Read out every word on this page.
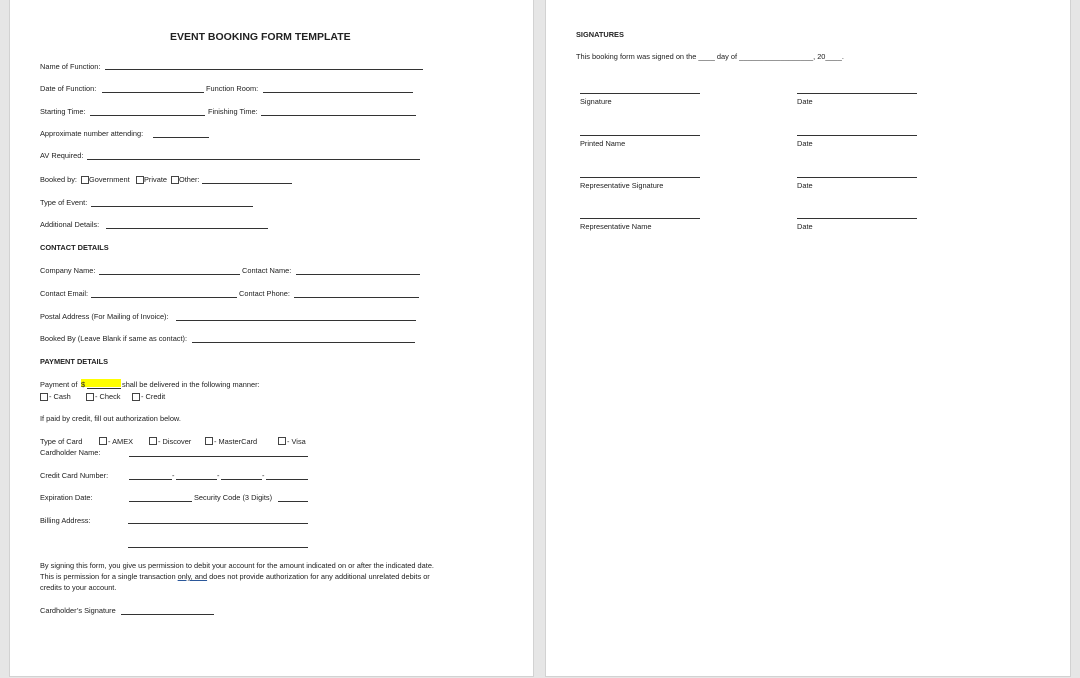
EVENT BOOKING FORM TEMPLATE
Name of Function:
Date of Function:	Function Room:
Starting Time:	Finishing Time:
Approximate number attending:
AV Required:
Booked by: Government Private Other:
Type of Event:
Additional Details:
CONTACT DETAILS
Company Name:	Contact Name:
Contact Email:	Contact Phone:
Postal Address (For Mailing of Invoice):
Booked By (Leave Blank if same as contact):
PAYMENT DETAILS
Payment of $	shall be delivered in the following manner:
- Cash	- Check	- Credit
If paid by credit, fill out authorization below.
Type of Card	- AMEX	- Discover	- MasterCard	- Visa
Cardholder Name:
Credit Card Number:	-	-	-
Expiration Date:	Security Code (3 Digits)
Billing Address:
By signing this form, you give us permission to debit your account for the amount indicated on or after the indicated date.
This is permission for a single transaction only, and does not provide authorization for any additional unrelated debits or
credits to your account.
Cardholder’s Signature
SIGNATURES
This booking form was signed on the ____ day of __________________, 20____.
Signature	Date
Printed Name	Date
Representative Signature	Date
Representative Name	Date
